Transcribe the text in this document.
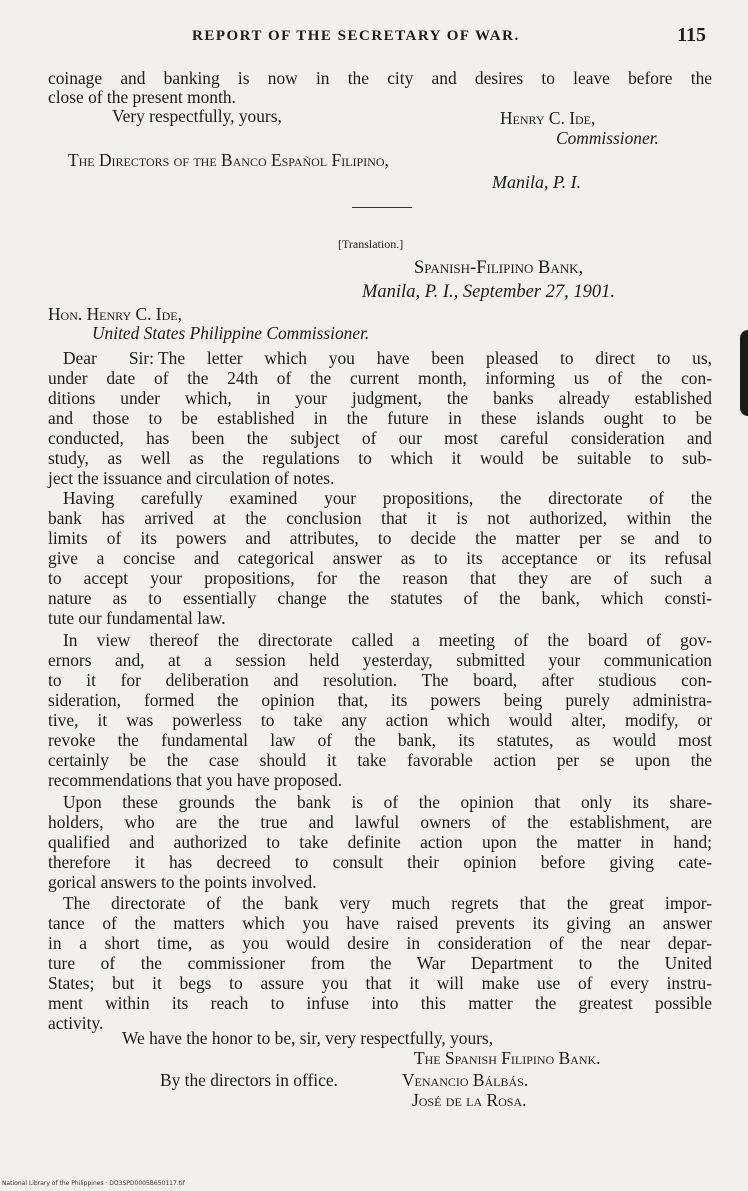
REPORT OF THE SECRETARY OF WAR.	115
coinage and banking is now in the city and desires to leave before the
close of the present month.
Very respectfully, yours,	Henry C. Ide,
Commissioner.
The Directors of the Banco Español Filipino,
Manila, P. I.
[Translation.]
Spanish-Filipino Bank,
Manila, P. I., September 27, 1901.
Hon. Henry C. Ide,
United States Philippine Commissioner.
Dear Sir: The letter which you have been pleased to direct to us,
under date of the 24th of the current month, informing us of the con-
ditions under which, in your judgment, the banks already established
and those to be established in the future in these islands ought to be
conducted, has been the subject of our most careful consideration and
study, as well as the regulations to which it would be suitable to sub-
ject the issuance and circulation of notes.
Having carefully examined your propositions, the directorate of the
bank has arrived at the conclusion that it is not authorized, within the
limits of its powers and attributes, to decide the matter per se and to
give a concise and categorical answer as to its acceptance or its refusal
to accept your propositions, for the reason that they are of such a
nature as to essentially change the statutes of the bank, which consti-
tute our fundamental law.
In view thereof the directorate called a meeting of the board of gov-
ernors and, at a session held yesterday, submitted your communication
to it for deliberation and resolution. The board, after studious con-
sideration, formed the opinion that, its powers being purely administra-
tive, it was powerless to take any action which would alter, modify, or
revoke the fundamental law of the bank, its statutes, as would most
certainly be the case should it take favorable action per se upon the
recommendations that you have proposed.
Upon these grounds the bank is of the opinion that only its share-
holders, who are the true and lawful owners of the establishment, are
qualified and authorized to take definite action upon the matter in hand;
therefore it has decreed to consult their opinion before giving cate-
gorical answers to the points involved.
The directorate of the bank very much regrets that the great impor-
tance of the matters which you have raised prevents its giving an answer
in a short time, as you would desire in consideration of the near depar-
ture of the commissioner from the War Department to the United
States; but it begs to assure you that it will make use of every instru-
ment within its reach to infuse into this matter the greatest possible
activity.
We have the honor to be, sir, very respectfully, yours,
The Spanish Filipino Bank.
By the directors in office.	Venancio Bálbás.
José de la Rosa.
National Library of the Philippines · DO3SPD0005B650117.tif
